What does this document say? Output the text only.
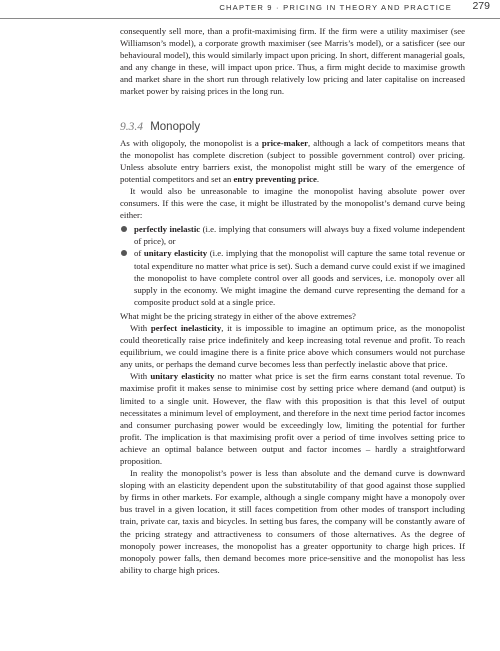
CHAPTER 9 · PRICING IN THEORY AND PRACTICE 279

consequently sell more, than a profit-maximising firm. If the firm were a utility maximiser (see Williamson’s model), a corporate growth maximiser (see Marris’s model), or a satisficer (see our behavioural model), this would similarly impact upon pricing. In short, different managerial goals, and any change in these, will impact upon price. Thus, a firm might decide to maximise growth and market share in the short run through relatively low pricing and later capitalise on increased market power by raising prices in the long run.

9.3.4 Monopoly

As with oligopoly, the monopolist is a price-maker, although a lack of competitors means that the monopolist has complete discretion (subject to possible government control) over pricing. Unless absolute entry barriers exist, the monopolist might still be wary of the emergence of potential competitors and set an entry preventing price.

It would also be unreasonable to imagine the monopolist having absolute power over consumers. If this were the case, it might be illustrated by the monopolist’s demand curve being either:

perfectly inelastic (i.e. implying that consumers will always buy a fixed volume independent of price), or
of unitary elasticity (i.e. implying that the monopolist will capture the same total revenue or total expenditure no matter what price is set). Such a demand curve could exist if we imagined the monopolist to have complete control over all goods and services, i.e. monopoly over all supply in the economy. We might imagine the demand curve representing the demand for a composite product sold at a single price.

What might be the pricing strategy in either of the above extremes?

With perfect inelasticity, it is impossible to imagine an optimum price, as the monopolist could theoretically raise price indefinitely and keep increasing total revenue and profit. To reach equilibrium, we could imagine there is a finite price above which consumers would not purchase any units, or perhaps the demand curve becomes less than perfectly inelastic above that price.

With unitary elasticity no matter what price is set the firm earns constant total revenue. To maximise profit it makes sense to minimise cost by setting price where demand (and output) is limited to a single unit. However, the flaw with this proposition is that this level of output necessitates a minimum level of employment, and therefore in the next time period factor incomes and consumer purchasing power would be exceedingly low, limiting the potential for further profit. The implication is that maximising profit over a period of time involves setting price to achieve an optimal balance between output and factor incomes – hardly a straightforward proposition.

In reality the monopolist’s power is less than absolute and the demand curve is downward sloping with an elasticity dependent upon the substitutability of that good against those supplied by firms in other markets. For example, although a single company might have a monopoly over bus travel in a given location, it still faces competition from other modes of transport including train, private car, taxis and bicycles. In setting bus fares, the company will be constantly aware of the pricing strategy and attractiveness to consumers of those alternatives. As the degree of monopoly power increases, the monopolist has a greater opportunity to charge high prices. If monopoly power falls, then demand becomes more price-sensitive and the monopolist has less ability to charge high prices.
